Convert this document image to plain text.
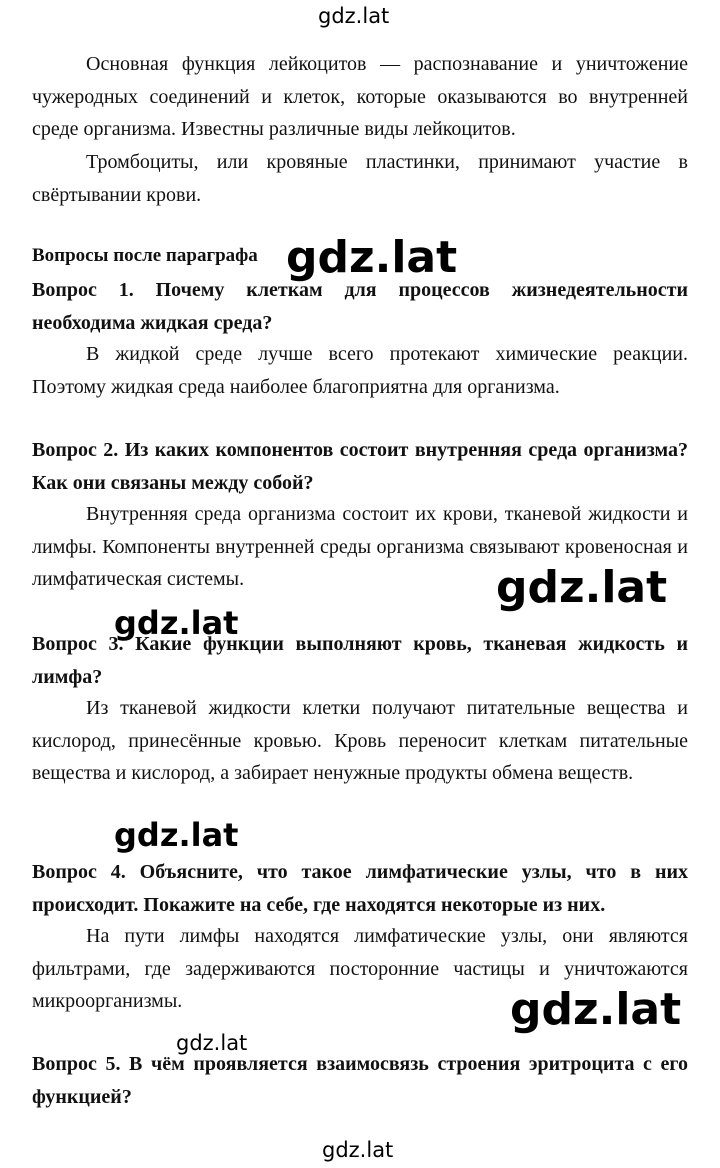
gdz.lat

Основная функция лейкоцитов — распознавание и уничтожение чужеродных соединений и клеток, которые оказываются во внутренней среде организма. Известны различные виды лейкоцитов.

Тромбоциты, или кровяные пластинки, принимают участие в свёртывании крови.

Вопросы после параграфа
Вопрос 1. Почему клеткам для процессов жизнедеятельности необходима жидкая среда?

В жидкой среде лучше всего протекают химические реакции. Поэтому жидкая среда наиболее благоприятна для организма.

Вопрос 2. Из каких компонентов состоит внутренняя среда организма? Как они связаны между собой?

Внутренняя среда организма состоит их крови, тканевой жидкости и лимфы. Компоненты внутренней среды организма связывают кровеносная и лимфатическая системы.

Вопрос 3. Какие функции выполняют кровь, тканевая жидкость и лимфа?

Из тканевой жидкости клетки получают питательные вещества и кислород, принесённые кровью. Кровь переносит клеткам питательные вещества и кислород, а забирает ненужные продукты обмена веществ.

Вопрос 4. Объясните, что такое лимфатические узлы, что в них происходит. Покажите на себе, где находятся некоторые из них.

На пути лимфы находятся лимфатические узлы, они являются фильтрами, где задерживаются посторонние частицы и уничтожаются микроорганизмы.

Вопрос 5. В чём проявляется взаимосвязь строения эритроцита с его функцией?
gdz.lat
gdz.lat
gdz.lat
gdz.lat
gdz.lat
gdz.lat
gdz.lat
